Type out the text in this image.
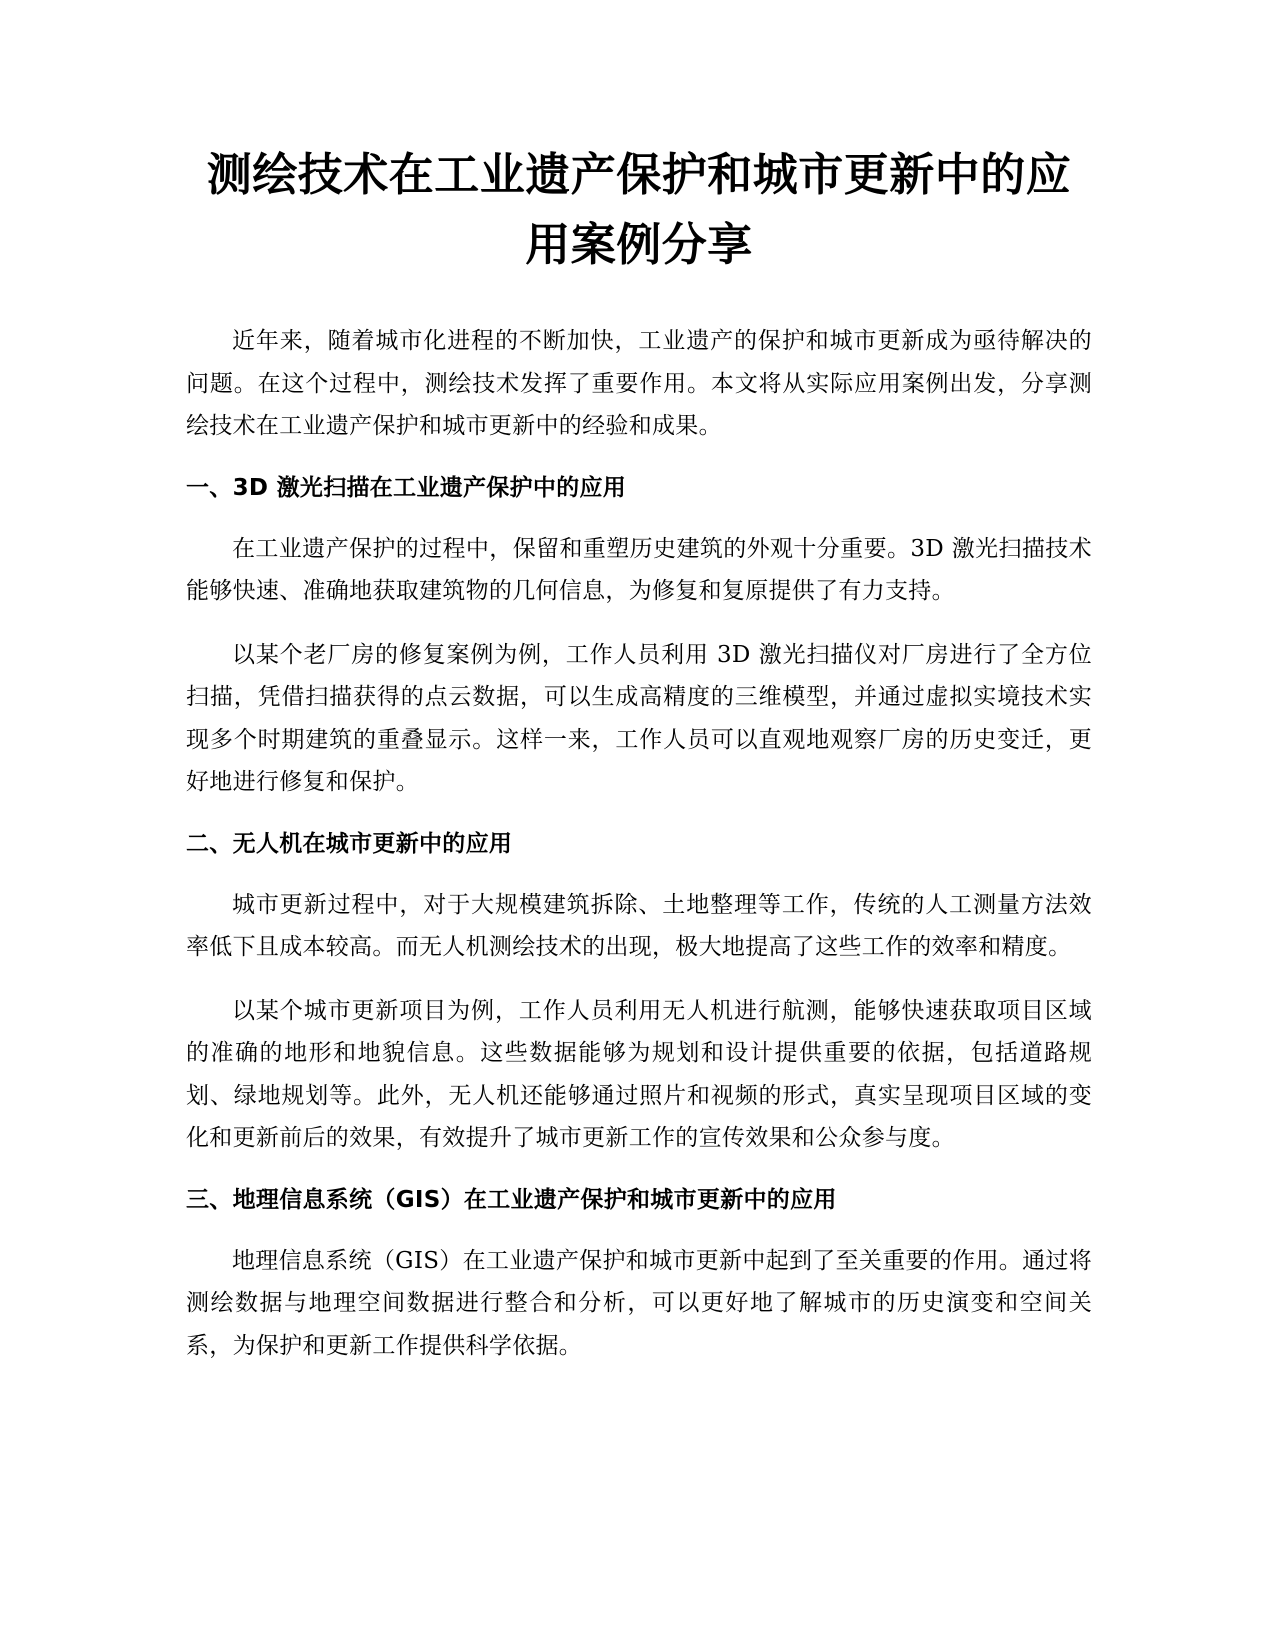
测绘技术在工业遗产保护和城市更新中的应
用案例分享

近年来，随着城市化进程的不断加快，工业遗产的保护和城市更新成为亟待解决的问题。在这个过程中，测绘技术发挥了重要作用。本文将从实际应用案例出发，分享测绘技术在工业遗产保护和城市更新中的经验和成果。

一、3D 激光扫描在工业遗产保护中的应用

在工业遗产保护的过程中，保留和重塑历史建筑的外观十分重要。3D 激光扫描技术能够快速、准确地获取建筑物的几何信息，为修复和复原提供了有力支持。

以某个老厂房的修复案例为例，工作人员利用 3D 激光扫描仪对厂房进行了全方位扫描，凭借扫描获得的点云数据，可以生成高精度的三维模型，并通过虚拟实境技术实现多个时期建筑的重叠显示。这样一来，工作人员可以直观地观察厂房的历史变迁，更好地进行修复和保护。

二、无人机在城市更新中的应用

城市更新过程中，对于大规模建筑拆除、土地整理等工作，传统的人工测量方法效率低下且成本较高。而无人机测绘技术的出现，极大地提高了这些工作的效率和精度。

以某个城市更新项目为例，工作人员利用无人机进行航测，能够快速获取项目区域的准确的地形和地貌信息。这些数据能够为规划和设计提供重要的依据，包括道路规划、绿地规划等。此外，无人机还能够通过照片和视频的形式，真实呈现项目区域的变化和更新前后的效果，有效提升了城市更新工作的宣传效果和公众参与度。

三、地理信息系统（GIS）在工业遗产保护和城市更新中的应用

地理信息系统（GIS）在工业遗产保护和城市更新中起到了至关重要的作用。通过将测绘数据与地理空间数据进行整合和分析，可以更好地了解城市的历史演变和空间关系，为保护和更新工作提供科学依据。
